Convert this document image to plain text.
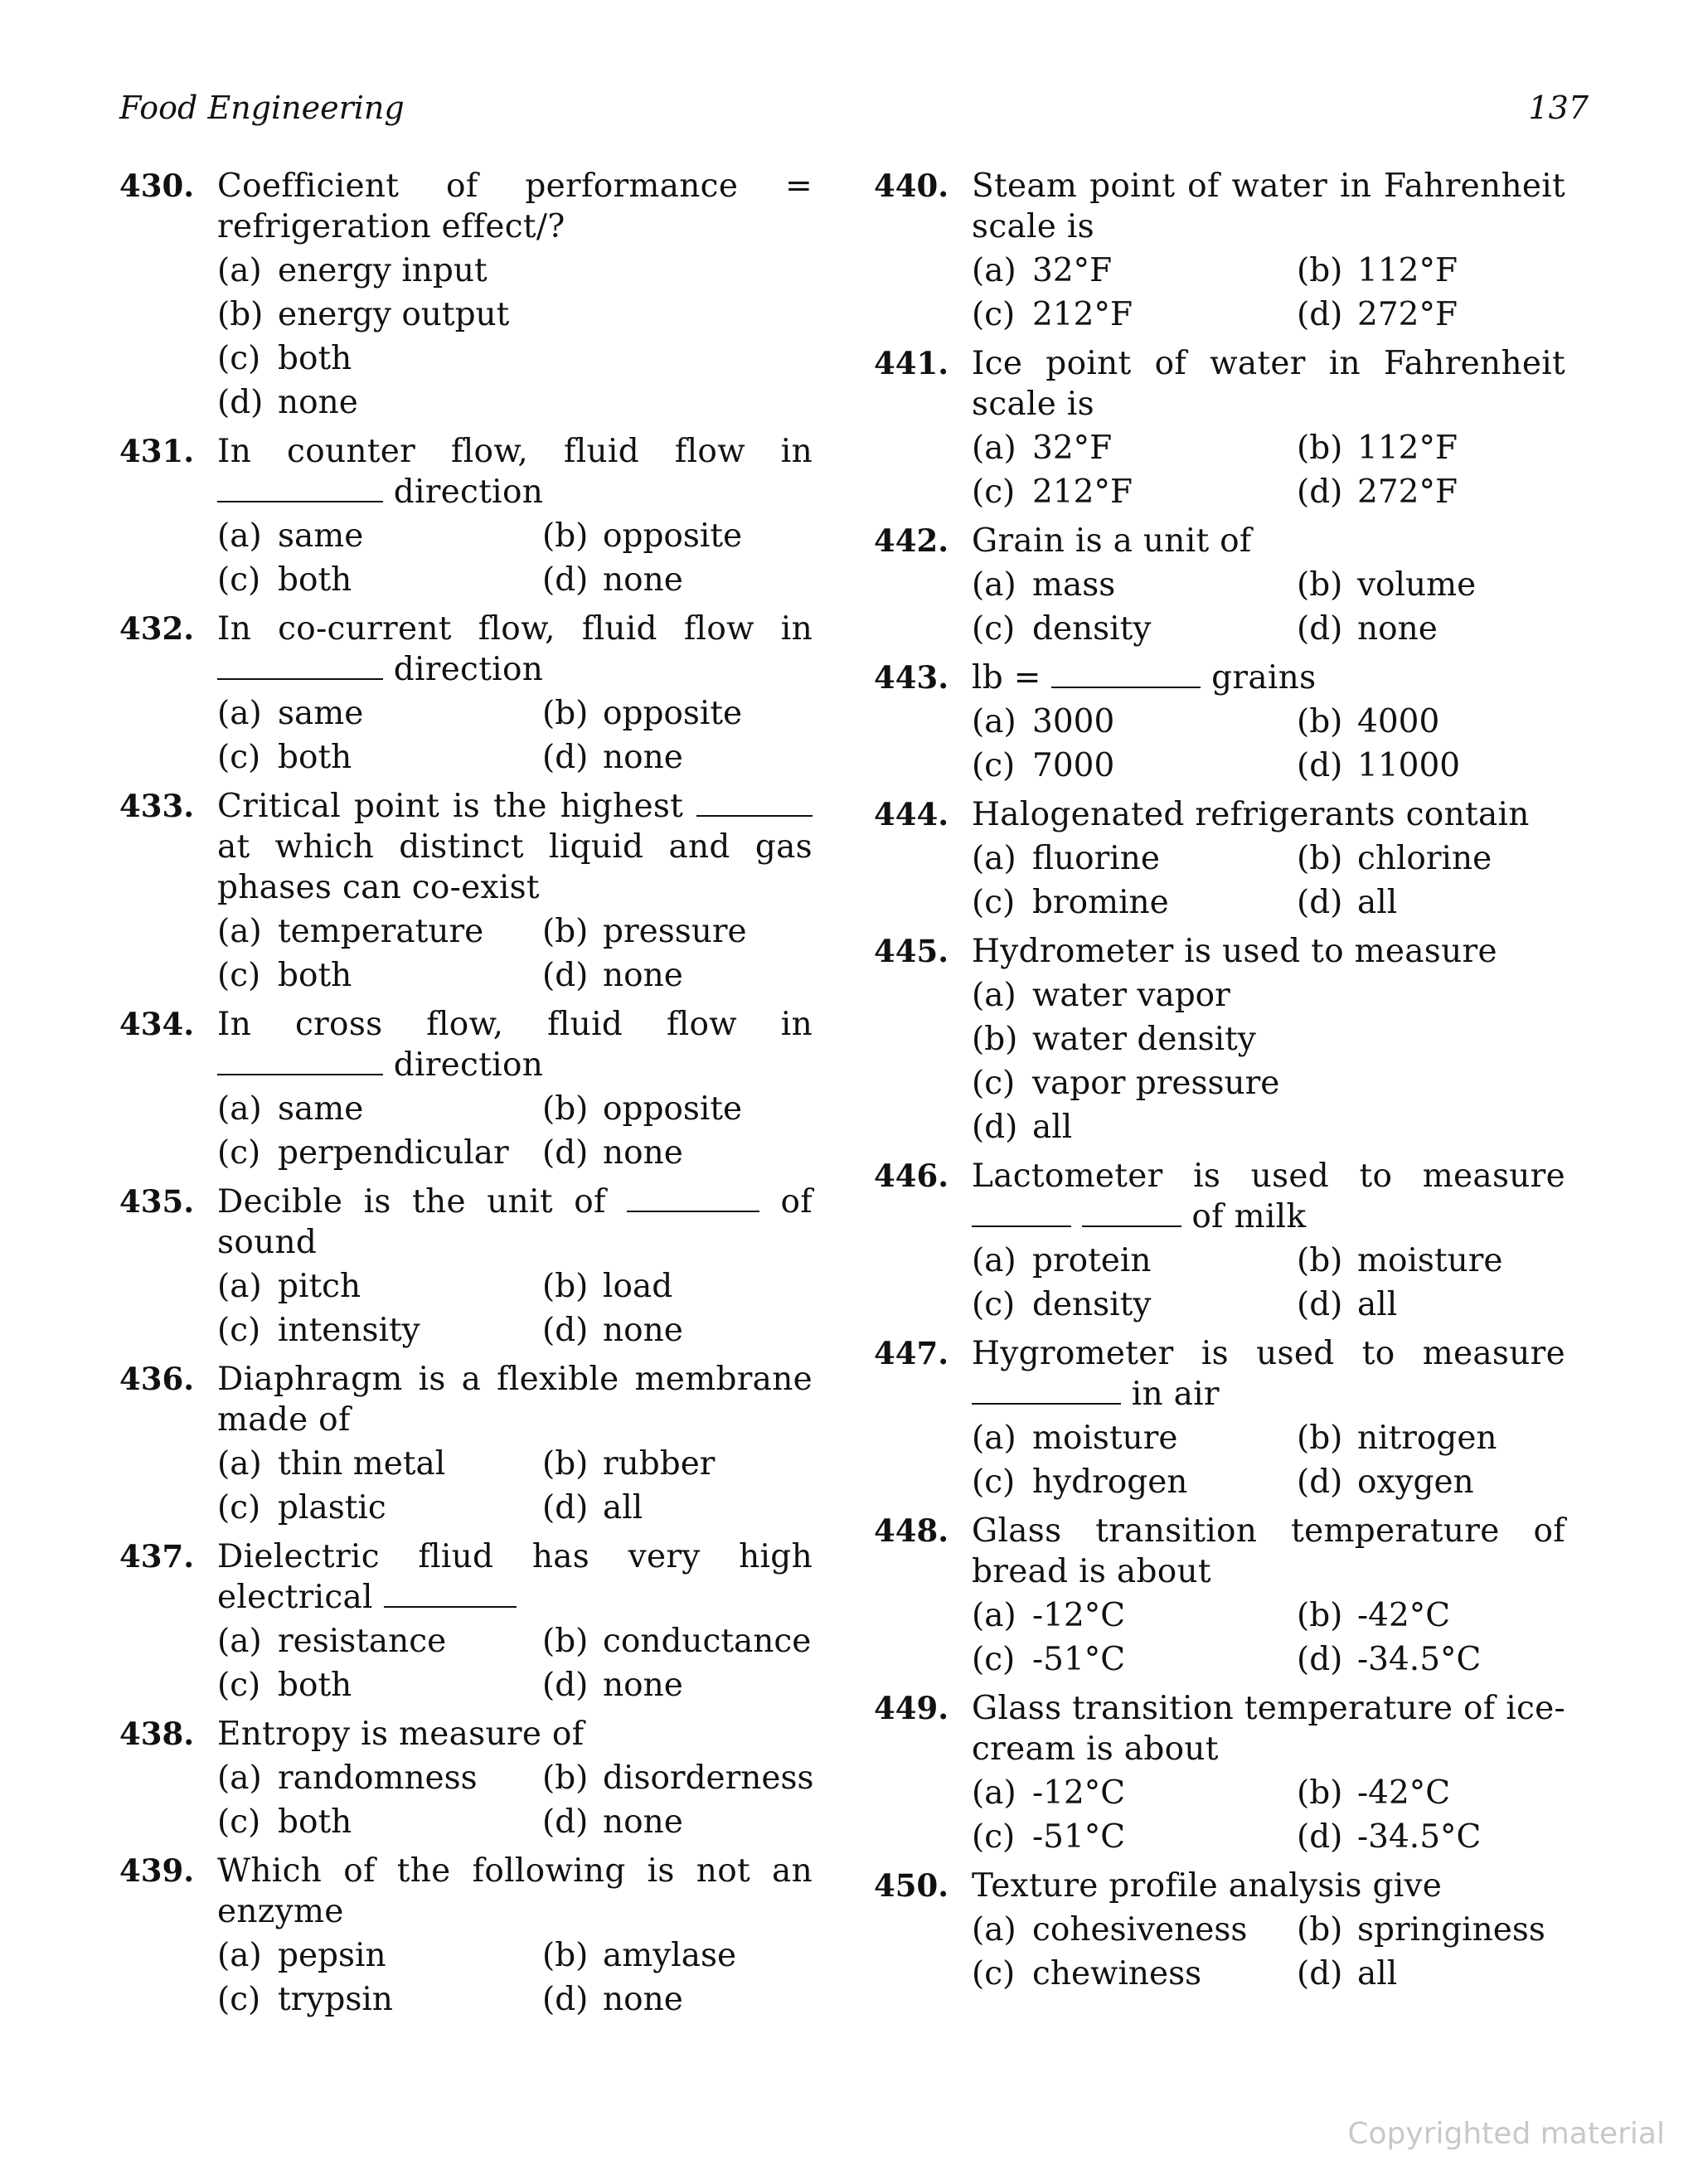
Food Engineering	137
430. Coefficient of performance = refrigeration effect/?
(a) energy input
(b) energy output
(c) both
(d) none
431. In counter flow, fluid flow in  direction
(a) same	(b) opposite
(c) both	(d) none
432. In co-current flow, fluid flow in  direction
(a) same	(b) opposite
(c) both	(d) none
433. Critical point is the highest  at which distinct liquid and gas phases can co-exist
(a) temperature	(b) pressure
(c) both	(d) none
434. In cross flow, fluid flow in  direction
(a) same	(b) opposite
(c) perpendicular	(d) none
435. Decible is the unit of	of sound
(a) pitch	(b) load
(c) intensity	(d) none
436. Diaphragm is a flexible membrane made of
(a) thin metal	(b) rubber
(c) plastic	(d) all
437. Dielectric fliud has very high electrical
(a) resistance	(b) conductance
(c) both	(d) none
438. Entropy is measure of
(a) randomness	(b) disorderness
(c) both	(d) none
439. Which of the following is not an enzyme
(a) pepsin	(b) amylase
(c) trypsin	(d) none
440. Steam point of water in Fahrenheit scale is
(a) 32°F	(b) 112°F
(c) 212°F	(d) 272°F
441. Ice point of water in Fahrenheit scale is
(a) 32°F	(b) 112°F
(c) 212°F	(d) 272°F
442. Grain is a unit of
(a) mass	(b) volume
(c) density	(d) none
443. lb =	grains
(a) 3000	(b) 4000
(c) 7000	(d) 11000
444. Halogenated refrigerants contain
(a) fluorine	(b) chlorine
(c) bromine	(d) all
445. Hydrometer is used to measure
(a) water vapor
(b) water density
(c) vapor pressure
(d) all
446. Lactometer is used to measure   of milk
(a) protein	(b) moisture
(c) density	(d) all
447. Hygrometer is used to measure  in air
(a) moisture	(b) nitrogen
(c) hydrogen	(d) oxygen
448. Glass transition temperature of bread is about
(a) -12°C	(b) -42°C
(c) -51°C	(d) -34.5°C
449. Glass transition temperature of ice-cream is about
(a) -12°C	(b) -42°C
(c) -51°C	(d) -34.5°C
450. Texture profile analysis give
(a) cohesiveness	(b) springiness
(c) chewiness	(d) all
Copyrighted material
